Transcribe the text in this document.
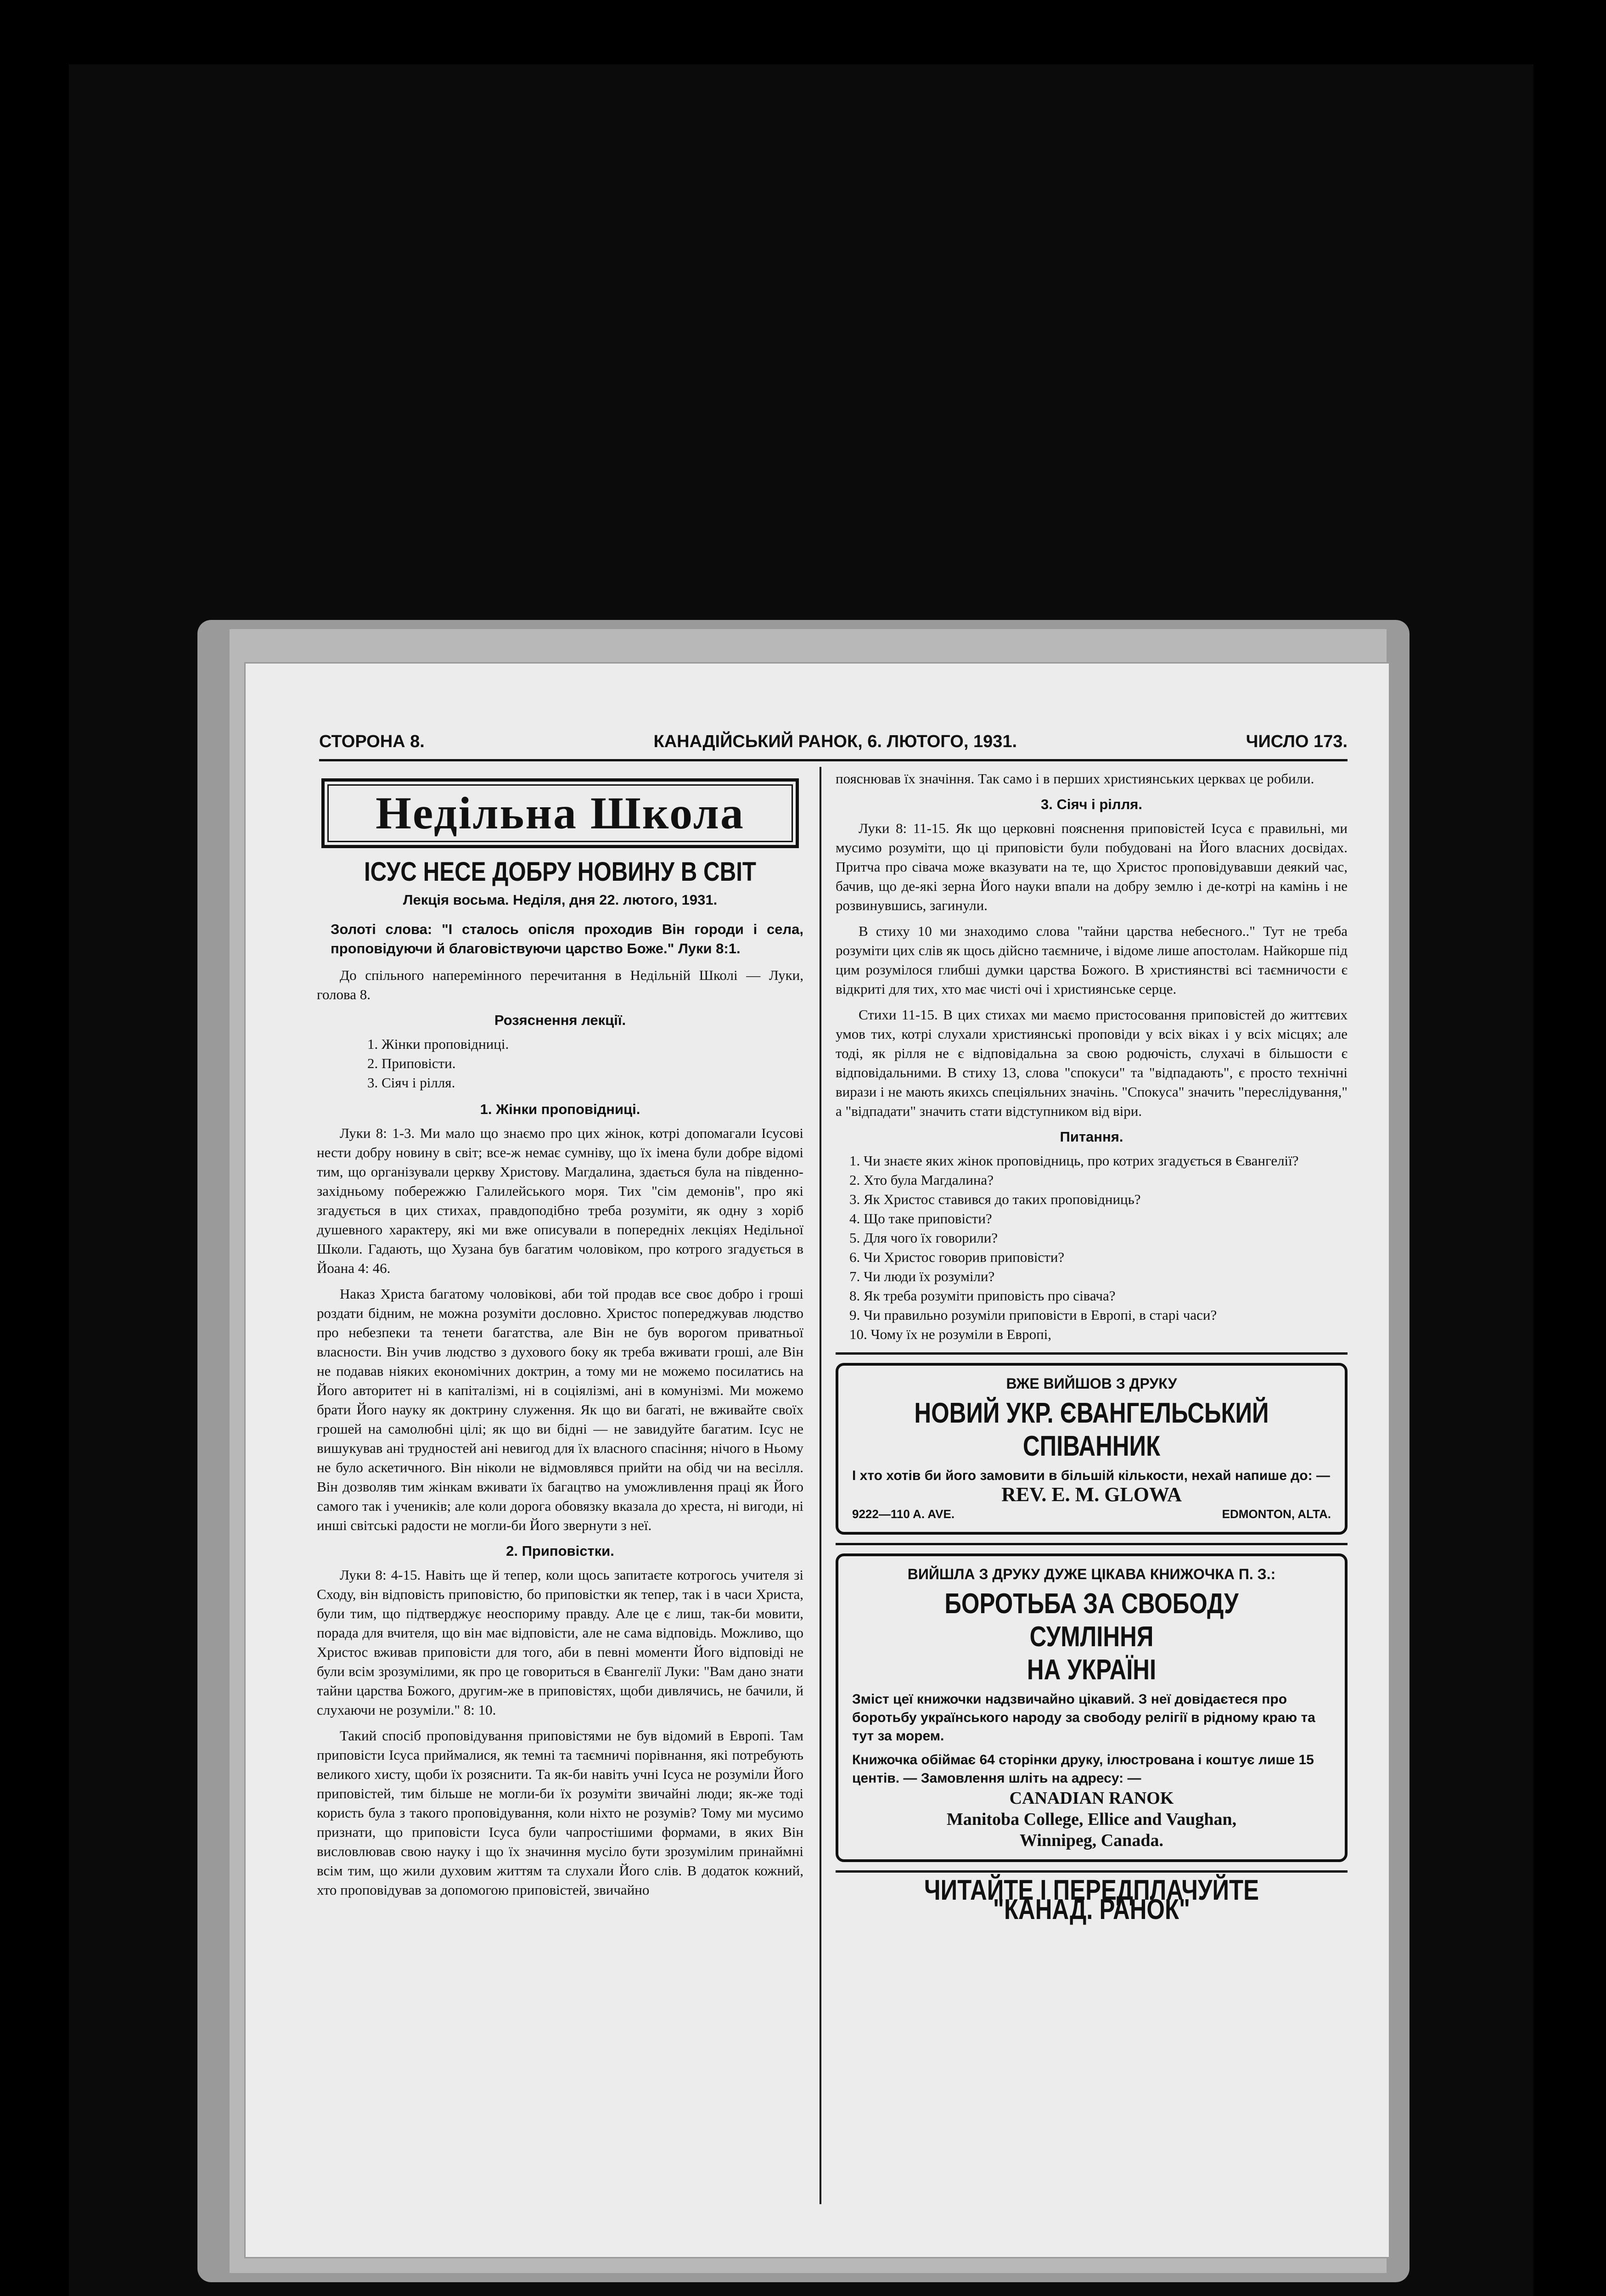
СТОРОНА 8.	КАНАДІЙСЬКИЙ РАНОК, 6. ЛЮТОГО, 1931.	ЧИСЛО 173.
Недільна Школа
ІСУС НЕСЕ ДОБРУ НОВИНУ В СВІТ
Лекція восьма. Неділя, дня 22. лютого, 1931.
Золоті слова: "І сталось опісля проходив Він городи і села, проповідуючи й благовіствуючи царство Боже." Луки 8:1.

До спільного наперемінного перечитання в Недільній Школі — Луки, голова 8.

Розяснення лекції.
1. Жінки проповідниці.
2. Приповісти.
3. Сіяч і рілля.
1. Жінки проповідниці.

Луки 8: 1-3. Ми мало що знаємо про цих жінок, котрі допомагали Ісусові нести добру новину в світ; все-ж немає сумніву, що їх імена були добре відомі тим, що організували церкву Христову. Магдалина, здається була на південно-західньому побережжю Галилейського моря. Тих "сім демонів", про які згадується в цих стихах, правдоподібно треба розуміти, як одну з хоріб душевного характеру, які ми вже описували в попередніх лекціях Недільної Школи. Гадають, що Хузана був багатим чоловіком, про котрого згадується в Йоана 4: 46.

Наказ Христа багатому чоловікові, аби той продав все своє добро і гроші роздати бідним, не можна розуміти дословно. Христос попереджував людство про небезпеки та тенети багатства, але Він не був ворогом приватньої власности. Він учив людство з духового боку як треба вживати гроші, але Він не подавав ніяких економічних доктрин, а тому ми не можемо посилатись на Його авторитет ні в капіталізмі, ні в соціялізмі, ані в комунізмі. Ми можемо брати Його науку як доктрину служення. Як що ви багаті, не вживайте своїх грошей на самолюбні цілі; як що ви бідні — не завидуйте багатим. Ісус не вишукував ані трудностей ані невигод для їх власного спасіння; нічого в Ньому не було аскетичного. Він ніколи не відмовлявся прийти на обід чи на весілля. Він дозволяв тим жінкам вживати їх багацтво на уможливлення праці як Його самого так і учеників; але коли дорога обовязку вказала до хреста, ні вигоди, ні инші світські радости не могли-би Його звернути з неї.

2. Приповістки.

Луки 8: 4-15. Навіть ще й тепер, коли щось запитаєте котрогось учителя зі Сходу, він відповість приповістю, бо приповістки як тепер, так і в часи Христа, були тим, що підтверджує неоспориму правду. Але це є лиш, так-би мовити, порада для вчителя, що він має відповісти, але не сама відповідь. Можливо, що Христос вживав приповісти для того, аби в певні моменти Його відповіді не були всім зрозумілими, як про це говориться в Євангелії Луки: "Вам дано знати тайни царства Божого, другим-же в приповістях, щоби дивлячись, не бачили, й слухаючи не розуміли." 8: 10.

Такий спосіб проповідування приповістями не був відомий в Европі. Там приповісти Ісуса приймалися, як темні та таємничі порівнання, які потребують великого хисту, щоби їх розяснити. Та як-би навіть учні Ісуса не розуміли Його приповістей, тим більше не могли-би їх розуміти звичайні люди; як-же тоді користь була з такого проповідування, коли ніхто не розумів? Тому ми мусимо признати, що приповісти Ісуса були чапростішими формами, в яких Він висловлював свою науку і що їх значиння мусіло бути зрозумілим принаймні всім тим, що жили духовим життям та слухали Його слів. В додаток кожний, хто проповідував за допомогою приповістей, звичайно

пояснював їх значіння. Так само і в перших християнських церквах це робили.

3. Сіяч і рілля.

Луки 8: 11-15. Як що церковні пояснення приповістей Ісуса є правильні, ми мусимо розуміти, що ці приповісти були побудовані на Його власних досвідах. Притча про сівача може вказувати на те, що Христос проповідувавши деякий час, бачив, що де-які зерна Його науки впали на добру землю і де-котрі на камінь і не розвинувшись, загинули.

В стиху 10 ми знаходимо слова "тайни царства небесного.." Тут не треба розуміти цих слів як щось дійсно таємниче, і відоме лише апостолам. Найкорше під цим розумілося глибші думки царства Божого. В християнстві всі таємничости є відкриті для тих, хто має чисті очі і християнське серце.

Стихи 11-15. В цих стихах ми маємо пристосовання приповістей до життєвих умов тих, котрі слухали християнські проповіди у всіх віках і у всіх місцях; але тоді, як рілля не є відповідальна за свою родючість, слухачі в більшости є відповідальними. В стиху 13, слова "спокуси" та "відпадають", є просто технічні вирази і не мають якихсь спеціяльних значінь. "Спокуса" значить "переслідування," а "відпадати" значить стати відступником від віри.

Питання.
1. Чи знаєте яких жінок проповідниць, про котрих згадується в Євангелії?
2. Хто була Магдалина?
3. Як Христос ставився до таких проповідниць?
4. Що таке приповісти?
5. Для чого їх говорили?
6. Чи Христос говорив приповісти?
7. Чи люди їх розуміли?
8. Як треба розуміти приповість про сівача?
9. Чи правильно розуміли приповісти в Европі, в старі часи?
10. Чому їх не розуміли в Европі,
ВЖЕ ВИЙШОВ З ДРУКУ
НОВИЙ УКР. ЄВАНГЕЛЬСЬКИЙ СПІВАННИК
І хто хотів би його замовити в більшій кількости, нехай напише до: —
REV. E. M. GLOWA
9222—110 A. AVE.	EDMONTON, ALTA.
ВИЙШЛА З ДРУКУ ДУЖЕ ЦІКАВА КНИЖОЧКА П. З.:
БОРОТЬБА ЗА СВОБОДУ СУМЛІННЯ
НА УКРАЇНІ
Зміст цеї книжочки надзвичайно цікавий. З неї довідаєтеся про боротьбу українського народу за свободу релігії в рідному краю та тут за морем.
Книжочка обіймає 64 сторінки друку, ілюстрована і коштує лише 15 центів. — Замовлення шліть на адресу: —
CANADIAN RANOK
Manitoba College, Ellice and Vaughan,
Winnipeg, Canada.
ЧИТАЙТЕ І ПЕРЕДПЛАЧУЙТЕ "КАНАД. РАНОК"
